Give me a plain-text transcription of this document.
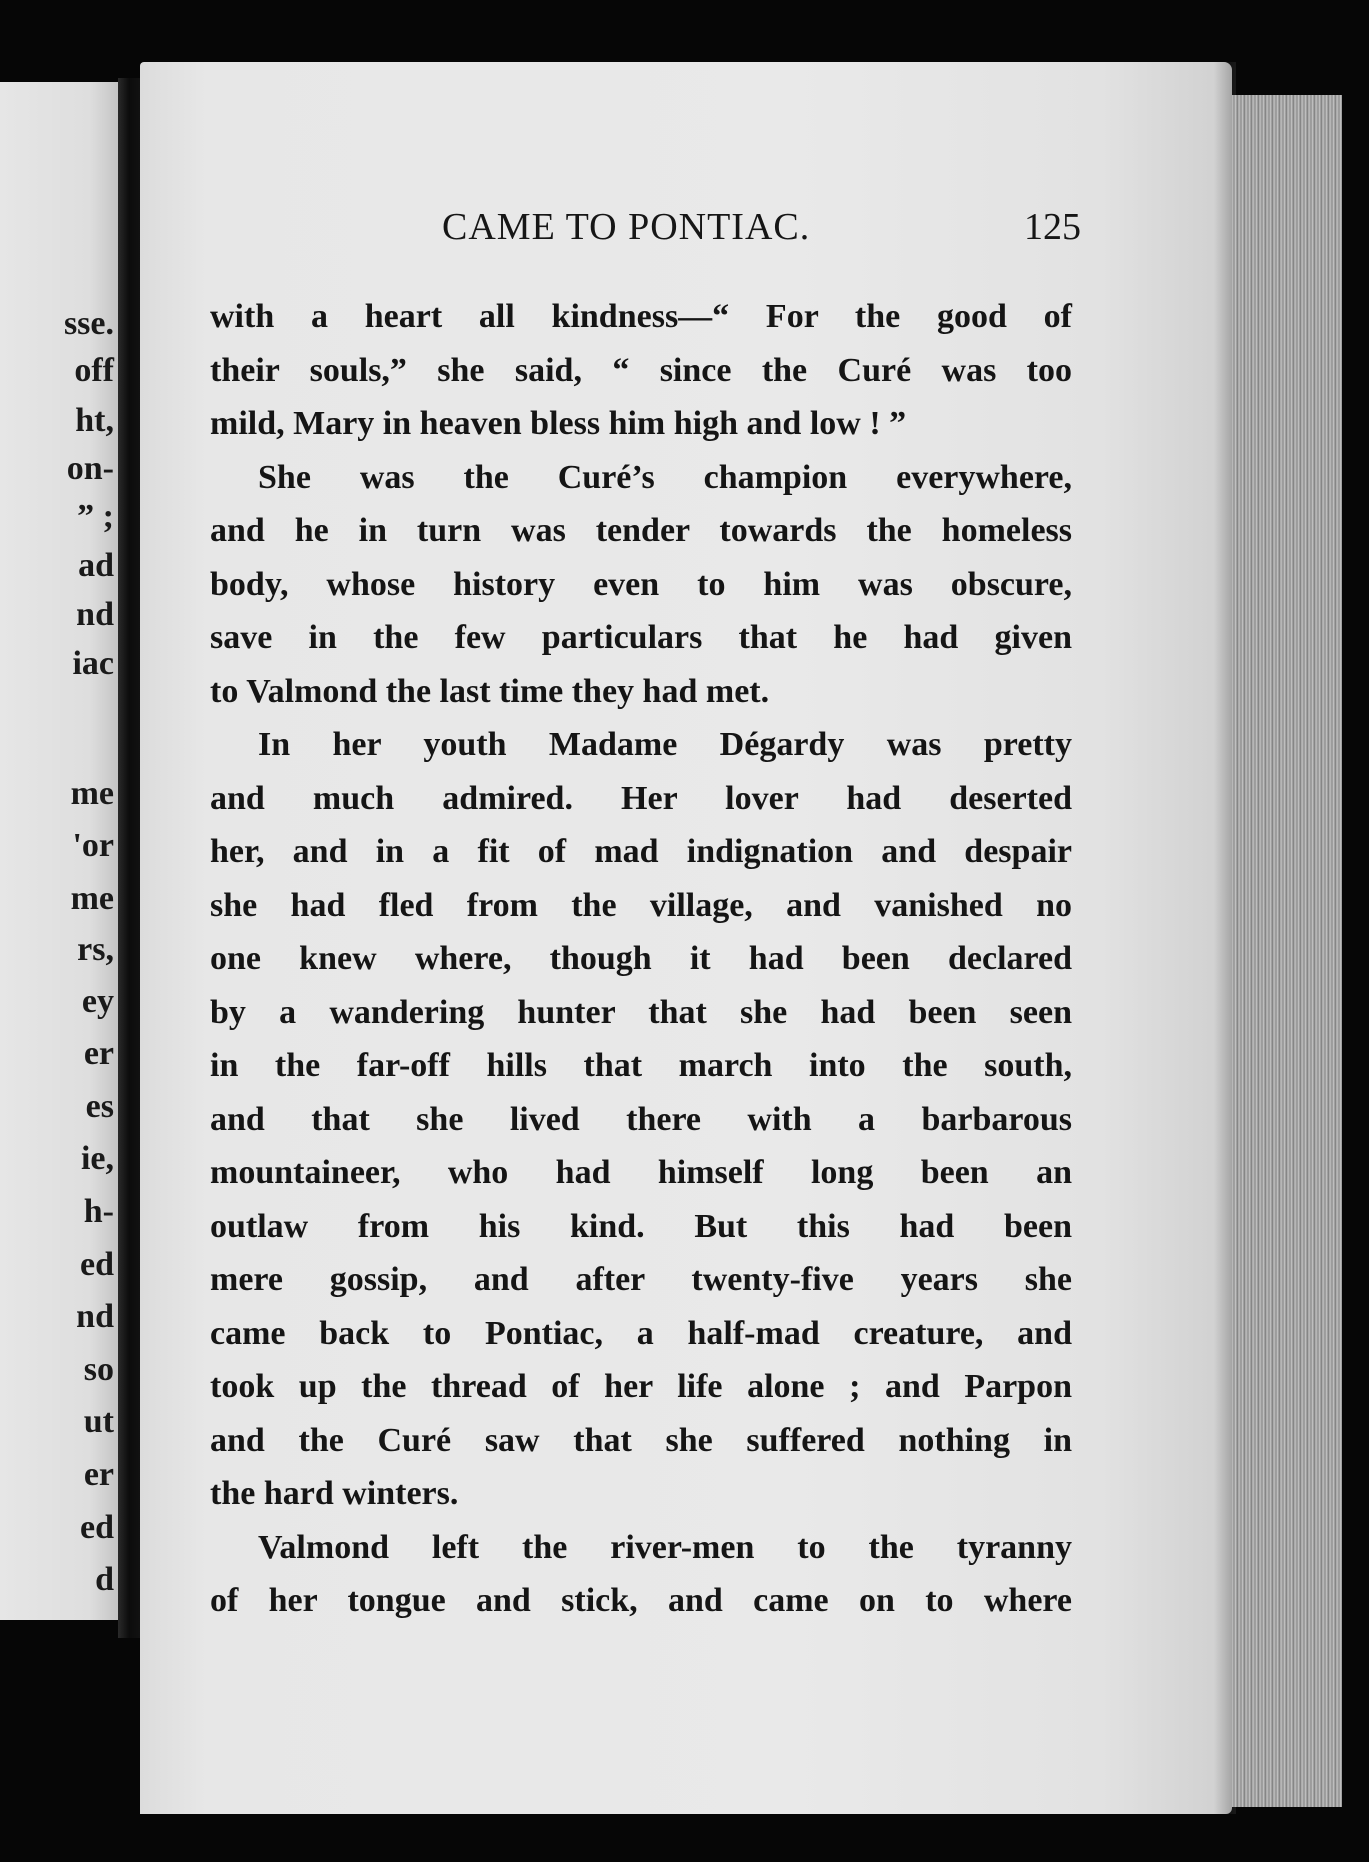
sse.
off
ht,
on-
” ;
ad
nd
iac
me
'or
me
rs,
ey
er
es
ie,
h-
ed
nd
so
ut
er
ed
d
CAME TO PONTIAC.	125
with a heart all kindness—“ For the good of
their souls,” she said, “ since the Curé was too
mild, Mary in heaven bless him high and low ! ”
She was the Curé’s champion everywhere,
and he in turn was tender towards the homeless
body, whose history even to him was obscure,
save in the few particulars that he had given
to Valmond the last time they had met.
In her youth Madame Dégardy was pretty
and much admired. Her lover had deserted
her, and in a fit of mad indignation and despair
she had fled from the village, and vanished no
one knew where, though it had been declared
by a wandering hunter that she had been seen
in the far-off hills that march into the south,
and that she lived there with a barbarous
mountaineer, who had himself long been an
outlaw from his kind. But this had been
mere gossip, and after twenty-five years she
came back to Pontiac, a half-mad creature, and
took up the thread of her life alone ; and Parpon
and the Curé saw that she suffered nothing in
the hard winters.
Valmond left the river-men to the tyranny
of her tongue and stick, and came on to where
